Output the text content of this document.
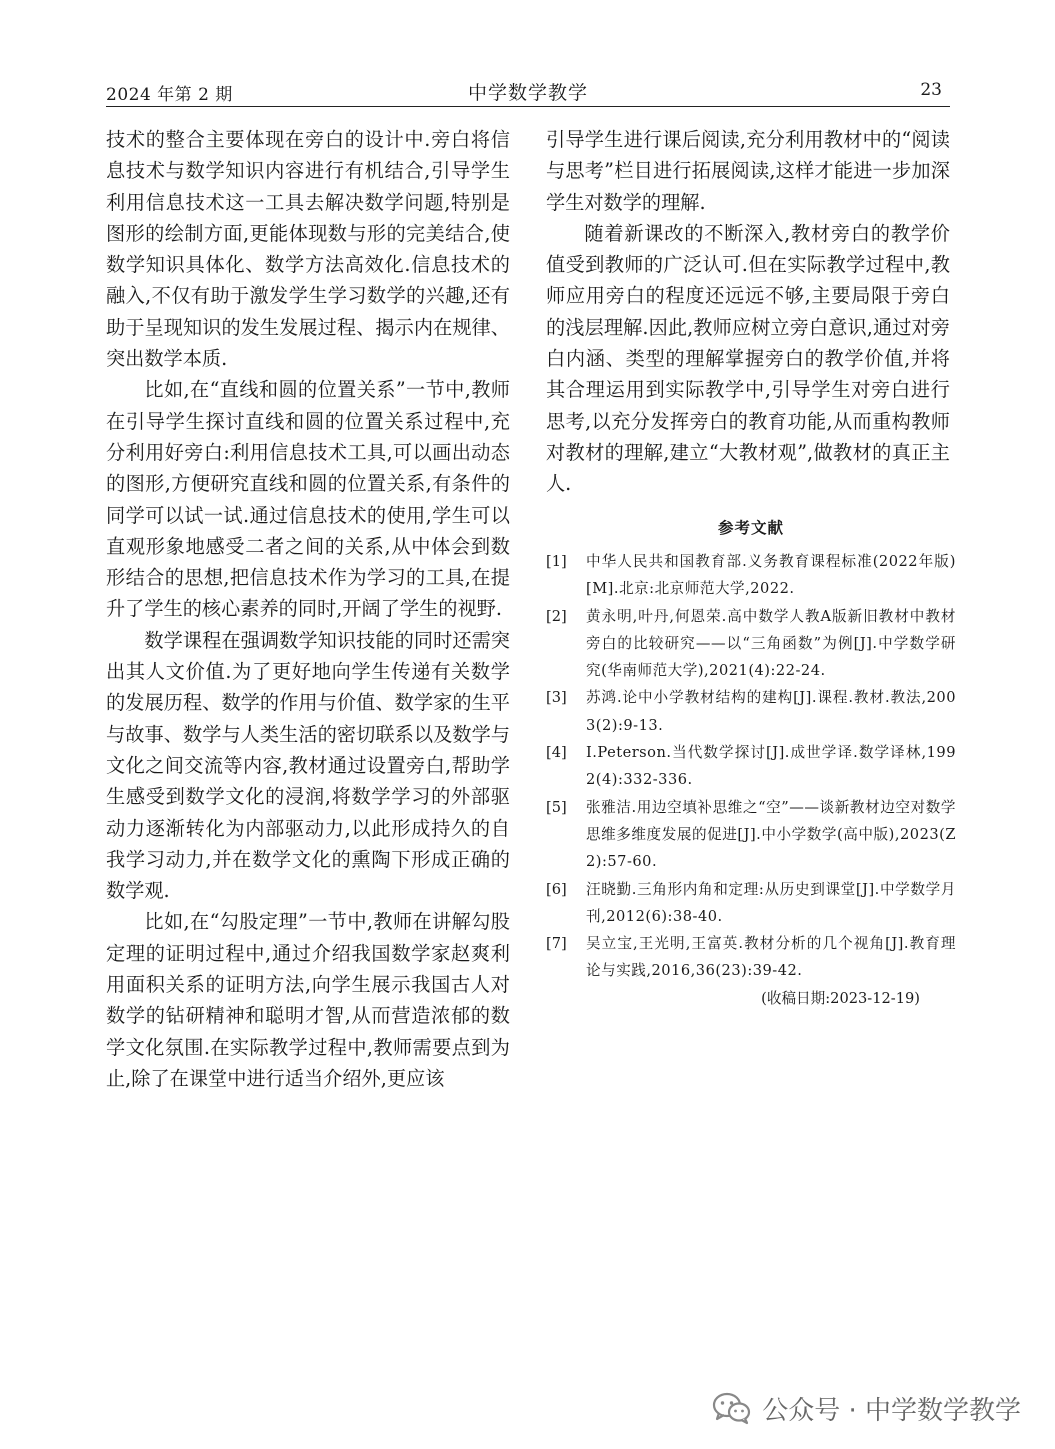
2024 年第 2 期	中学数学教学	23

技术的整合主要体现在旁白的设计中.旁白将信息技术与数学知识内容进行有机结合,引导学生利用信息技术这一工具去解决数学问题,特别是图形的绘制方面,更能体现数与形的完美结合,使数学知识具体化、数学方法高效化.信息技术的融入,不仅有助于激发学生学习数学的兴趣,还有助于呈现知识的发生发展过程、揭示内在规律、突出数学本质.

比如,在“直线和圆的位置关系”一节中,教师在引导学生探讨直线和圆的位置关系过程中,充分利用好旁白:利用信息技术工具,可以画出动态的图形,方便研究直线和圆的位置关系,有条件的同学可以试一试.通过信息技术的使用,学生可以直观形象地感受二者之间的关系,从中体会到数形结合的思想,把信息技术作为学习的工具,在提升了学生的核心素养的同时,开阔了学生的视野.

数学课程在强调数学知识技能的同时还需突出其人文价值.为了更好地向学生传递有关数学的发展历程、数学的作用与价值、数学家的生平与故事、数学与人类生活的密切联系以及数学与文化之间交流等内容,教材通过设置旁白,帮助学生感受到数学文化的浸润,将数学学习的外部驱动力逐渐转化为内部驱动力,以此形成持久的自我学习动力,并在数学文化的熏陶下形成正确的数学观.

比如,在“勾股定理”一节中,教师在讲解勾股定理的证明过程中,通过介绍我国数学家赵爽利用面积关系的证明方法,向学生展示我国古人对数学的钻研精神和聪明才智,从而营造浓郁的数学文化氛围.在实际教学过程中,教师需要点到为止,除了在课堂中进行适当介绍外,更应该

引导学生进行课后阅读,充分利用教材中的“阅读与思考”栏目进行拓展阅读,这样才能进一步加深学生对数学的理解.

随着新课改的不断深入,教材旁白的教学价值受到教师的广泛认可.但在实际教学过程中,教师应用旁白的程度还远远不够,主要局限于旁白的浅层理解.因此,教师应树立旁白意识,通过对旁白内涵、类型的理解掌握旁白的教学价值,并将其合理运用到实际教学中,引导学生对旁白进行思考,以充分发挥旁白的教育功能,从而重构教师对教材的理解,建立“大教材观”,做教材的真正主人.

参考文献
[1]	中华人民共和国教育部.义务教育课程标准(2022年版)[M].北京:北京师范大学,2022.
[2]	黄永明,叶丹,何恩荣.高中数学人教A版新旧教材中教材旁白的比较研究——以“三角函数”为例[J].中学数学研究(华南师范大学),2021(4):22-24.
[3]	苏鸿.论中小学教材结构的建构[J].课程.教材.教法,2003(2):9-13.
[4]	I.Peterson.当代数学探讨[J].成世学译.数学译林,1992(4):332-336.
[5]	张雅洁.用边空填补思维之“空”——谈新教材边空对数学思维多维度发展的促进[J].中小学数学(高中版),2023(Z2):57-60.
[6]	汪晓勤.三角形内角和定理:从历史到课堂[J].中学数学月刊,2012(6):38-40.
[7]	吴立宝,王光明,王富英.教材分析的几个视角[J].教育理论与实践,2016,36(23):39-42.
(收稿日期:2023-12-19)
公众号 · 中学数学教学
